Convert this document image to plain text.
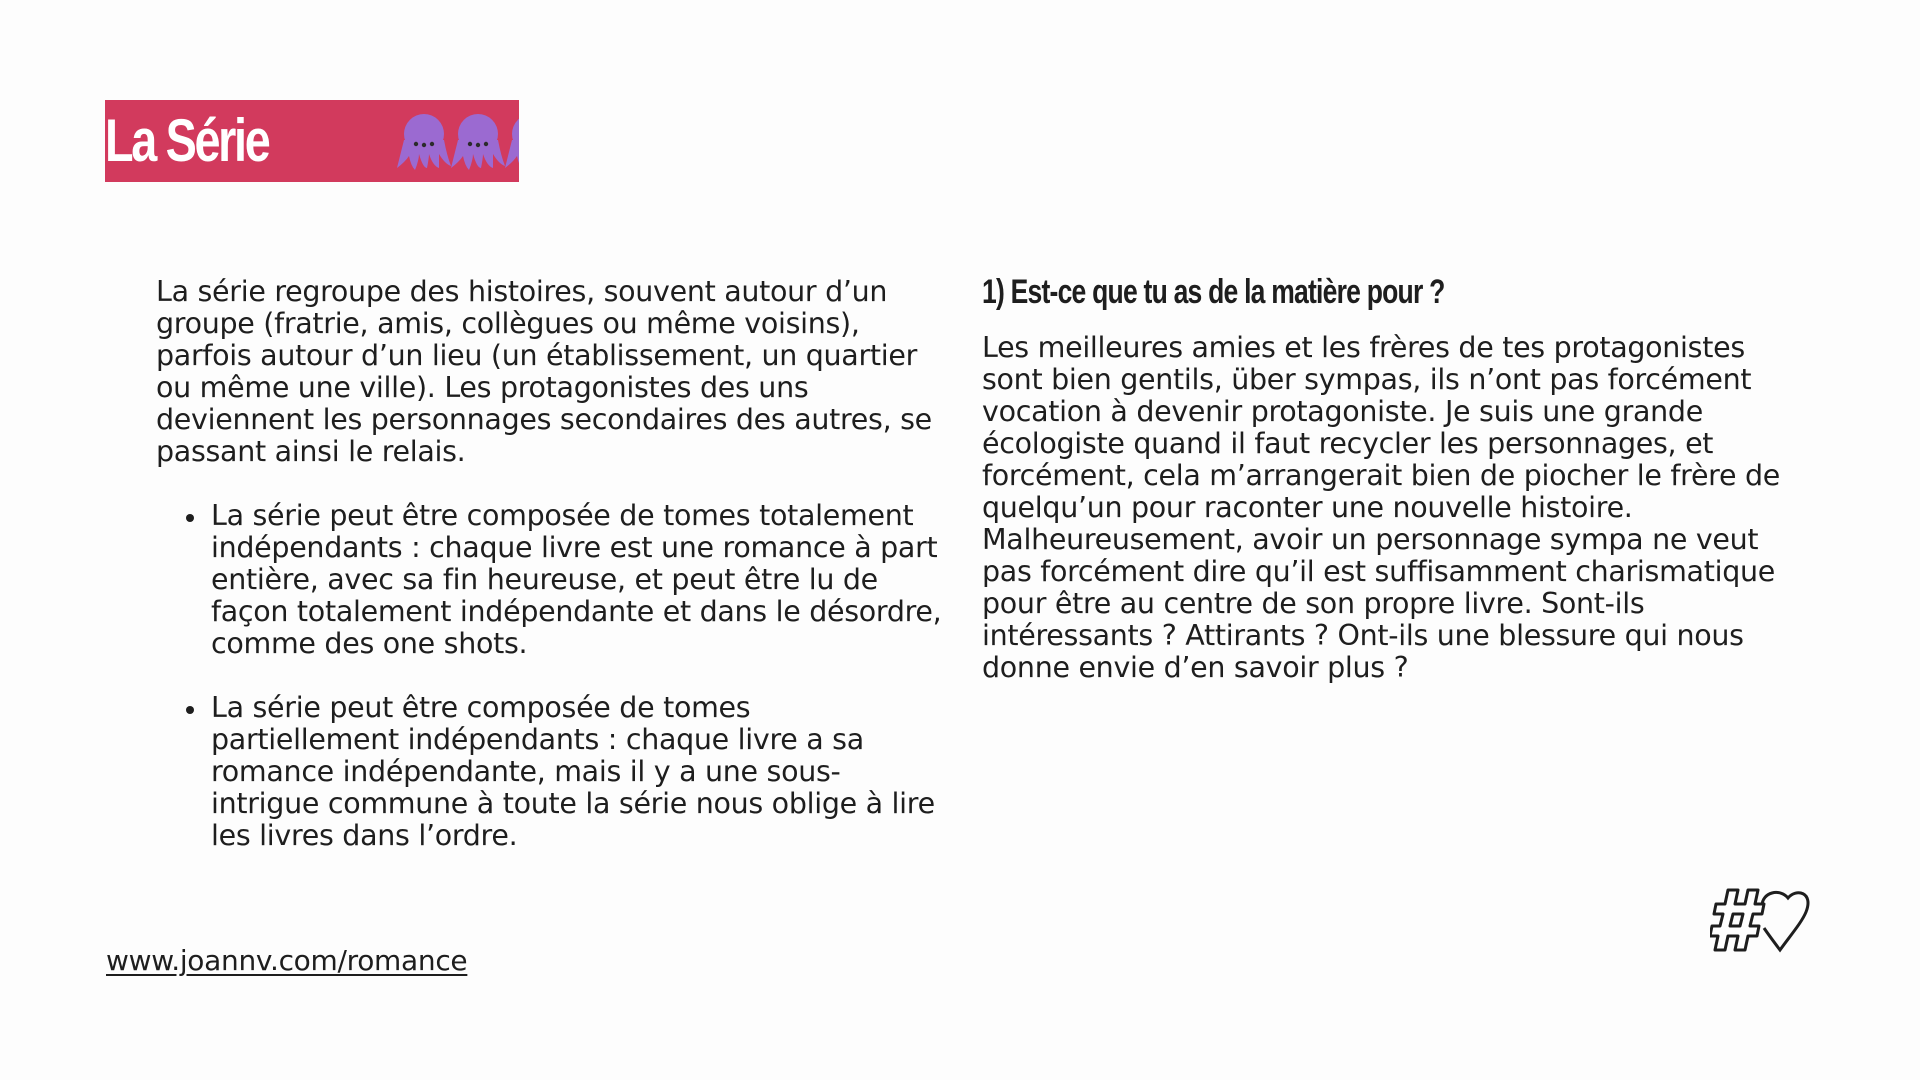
La Série

La série regroupe des histoires, souvent autour d’un groupe (fratrie, amis, collègues ou même voisins), parfois autour d’un lieu (un établissement, un quartier ou même une ville). Les protagonistes des uns deviennent les personnages secondaires des autres, se passant ainsi le relais.

La série peut être composée de tomes totalement indépendants : chaque livre est une romance à part entière, avec sa fin heureuse, et peut être lu de façon totalement indépendante et dans le désordre, comme des one shots.
La série peut être composée de tomes partiellement indépendants : chaque livre a sa romance indépendante, mais il y a une sous-intrigue commune à toute la série nous oblige à lire les livres dans l’ordre.
1) Est-ce que tu as de la matière pour ?

Les meilleures amies et les frères de tes protagonistes sont bien gentils, über sympas, ils n’ont pas forcément vocation à devenir protagoniste. Je suis une grande écologiste quand il faut recycler les personnages, et forcément, cela m’arrangerait bien de piocher le frère de quelqu’un pour raconter une nouvelle histoire. Malheureusement, avoir un personnage sympa ne veut pas forcément dire qu’il est suffisamment charismatique pour être au centre de son propre livre. Sont-ils intéressants ? Attirants ? Ont-ils une blessure qui nous donne envie d’en savoir plus ?

www.joannv.com/romance
